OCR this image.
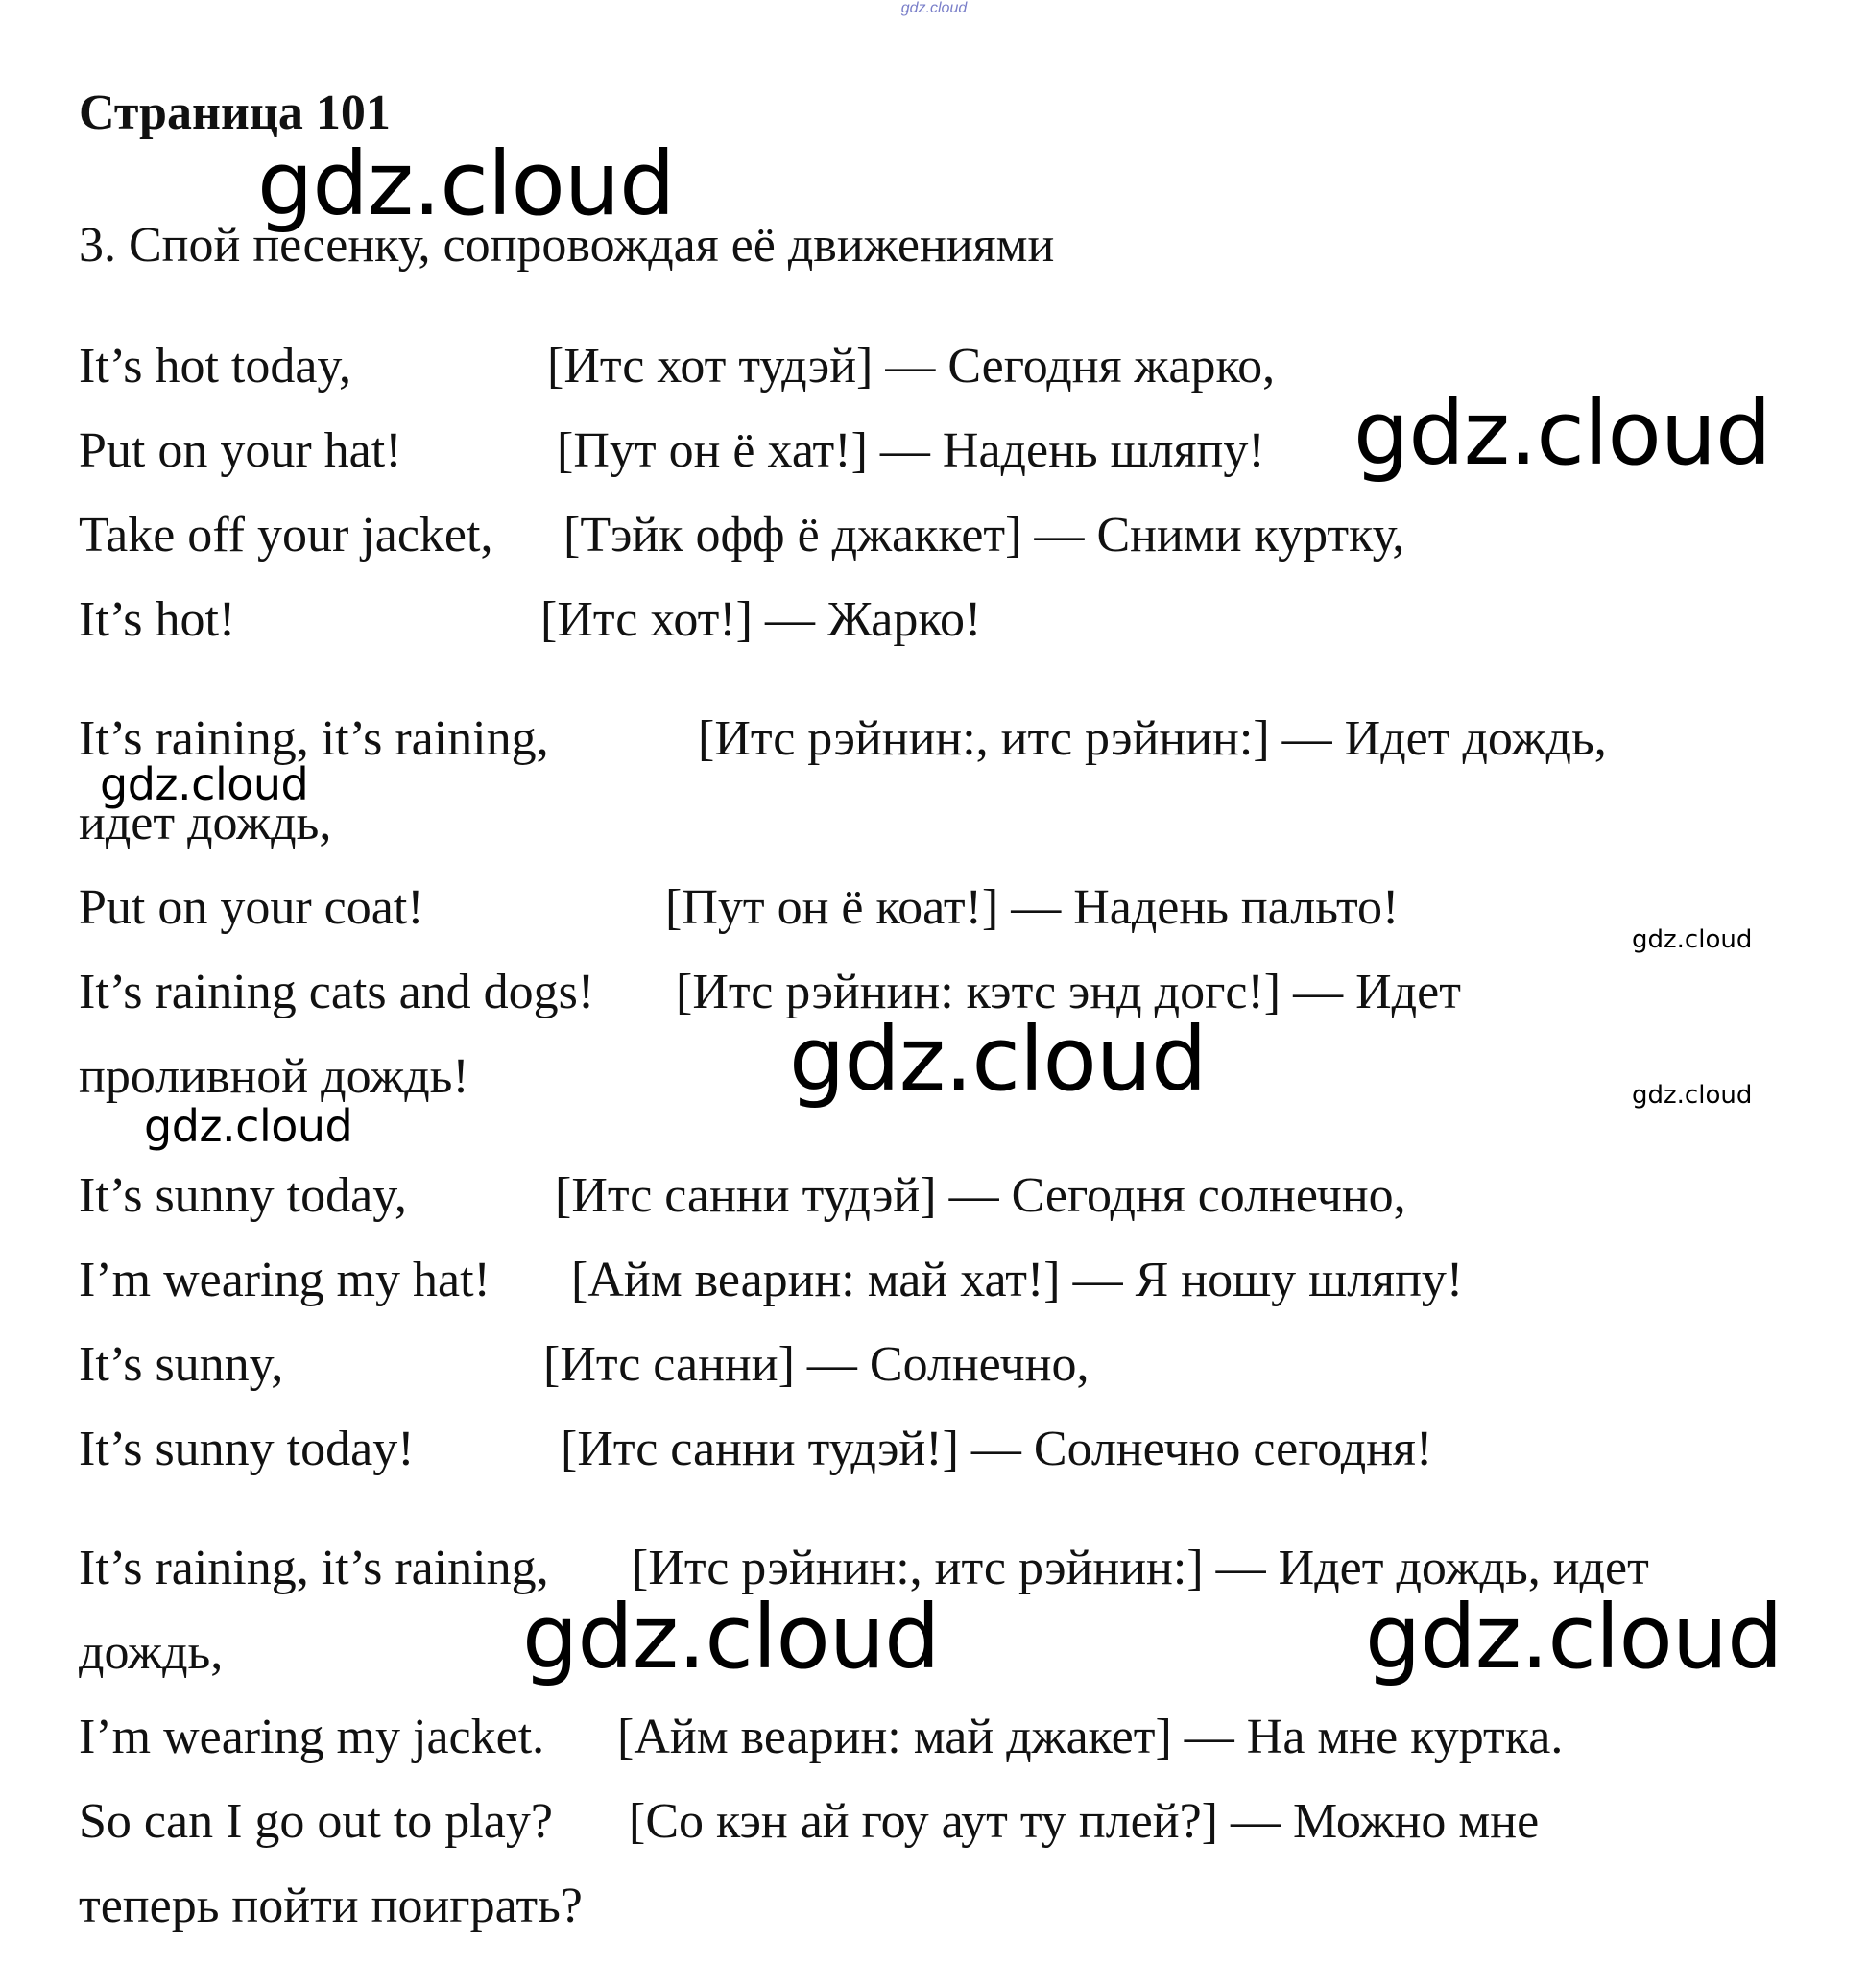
gdz.cloud
Страница 101
3. Спой песенку, сопровождая её движениями
It’s hot today,	[Итс хот тудэй] — Сегодня жарко,
Put on your hat!	[Пут он ё хат!] — Надень шляпу!
Take off your jacket, [Тэйк офф ё джаккет] — Сними куртку,
It’s hot!	[Итс хот!] — Жарко!
It’s raining, it’s raining,	[Итс рэйнин:, итс рэйнин:] — Идет дождь,
идет дождь,
Put on your coat!	[Пут он ё коат!] — Надень пальто!
It’s raining cats and dogs! [Итс рэйнин: кэтс энд догс!] — Идет
проливной дождь!
It’s sunny today,	[Итс санни тудэй] — Сегодня солнечно,
I’m wearing my hat! [Айм веарин: май хат!] — Я ношу шляпу!
It’s sunny,	[Итс санни] — Солнечно,
It’s sunny today!	[Итс санни тудэй!] — Солнечно сегодня!
It’s raining, it’s raining, [Итс рэйнин:, итс рэйнин:] — Идет дождь, идет
дождь,
I’m wearing my jacket. [Айм веарин: май джакет] — На мне куртка.
So can I go out to play? [Со кэн ай гоу аут ту плей?] — Можно мне
теперь пойти поиграть?
gdz.cloud
gdz.cloud
gdz.cloud
gdz.cloud
gdz.cloud	gdz.cloud
gdz.cloud
gdz.cloud	gdz.cloud
